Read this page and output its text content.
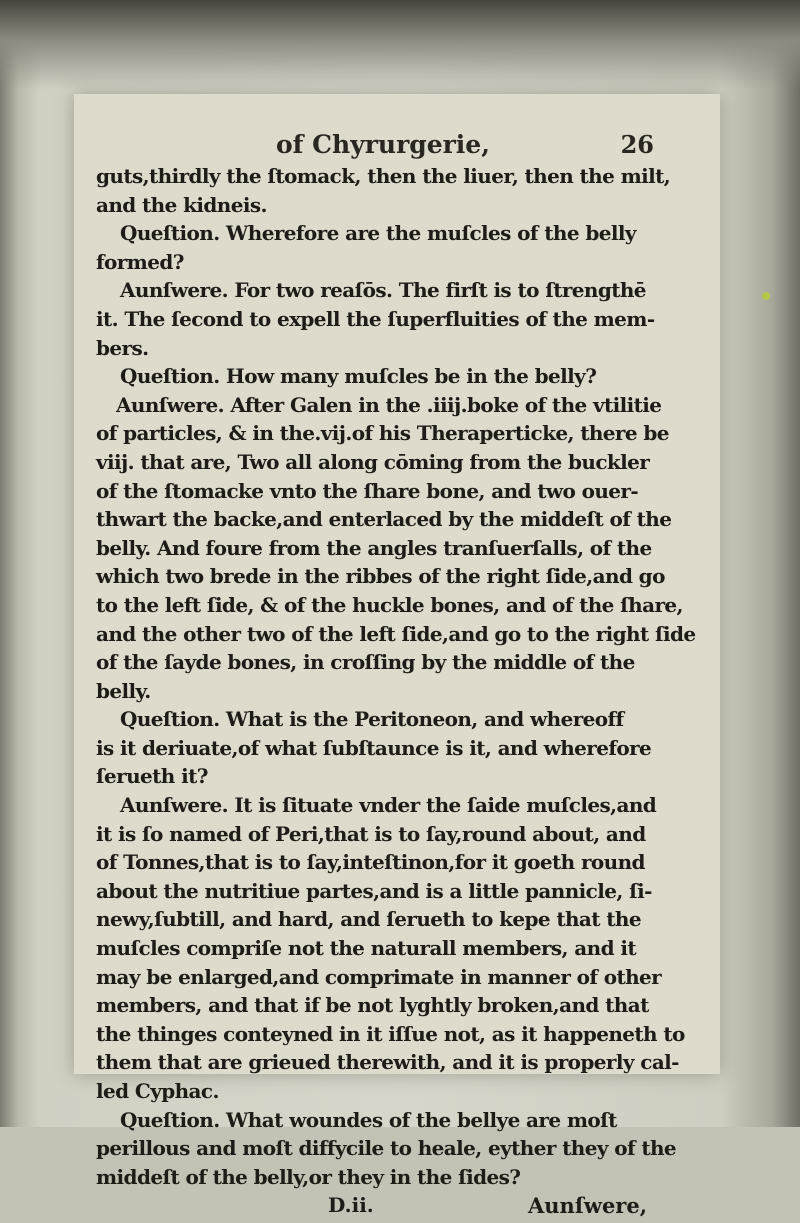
of Chyrurgerie,	26
guts,thirdly the ſtomack, then the liuer, then the milt,
and the kidneis.
Queſtion. Wherefore are the muſcles of the belly
formed?
Aunſwere. For two reaſōs. The firſt is to ſtrengthē
it. The ſecond to expell the ſuperfluities of the mem-
bers.
Queſtion. How many muſcles be in the belly?
Aunſwere. After Galen in the .iiij.boke of the vtilitie
of particles, & in the.vij.of his Theraperticke, there be
viij. that are, Two all along cōming from the buckler
of the ſtomacke vnto the ſhare bone, and two ouer-
thwart the backe,and enterlaced by the middeſt of the
belly. And foure from the angles tranſuerſalls, of the
which two brede in the ribbes of the right ſide,and go
to the left ſide, & of the huckle bones, and of the ſhare,
and the other two of the left ſide,and go to the right ſide
of the ſayde bones, in croſſing by the middle of the
belly.
Queſtion. What is the Peritoneon, and whereoff
is it deriuate,of what ſubſtaunce is it, and wherefore
ſerueth it?
Aunſwere. It is ſituate vnder the ſaide muſcles,and
it is ſo named of Peri,that is to ſay,round about, and
of Tonnes,that is to ſay,inteſtinon,for it goeth round
about the nutritiue partes,and is a little pannicle, ſi-
newy,ſubtill, and hard, and ſerueth to kepe that the
muſcles compriſe not the naturall members, and it
may be enlarged,and comprimate in manner of other
members, and that if be not lyghtly broken,and that
the thinges conteyned in it iſſue not, as it happeneth to
them that are grieued therewith, and it is properly cal-
led Cyphac.
Queſtion. What woundes of the bellye are moſt
perillous and moſt diffycile to heale, eyther they of the
middeſt of the belly,or they in the ſides?
D.ii.	Aunſwere,
